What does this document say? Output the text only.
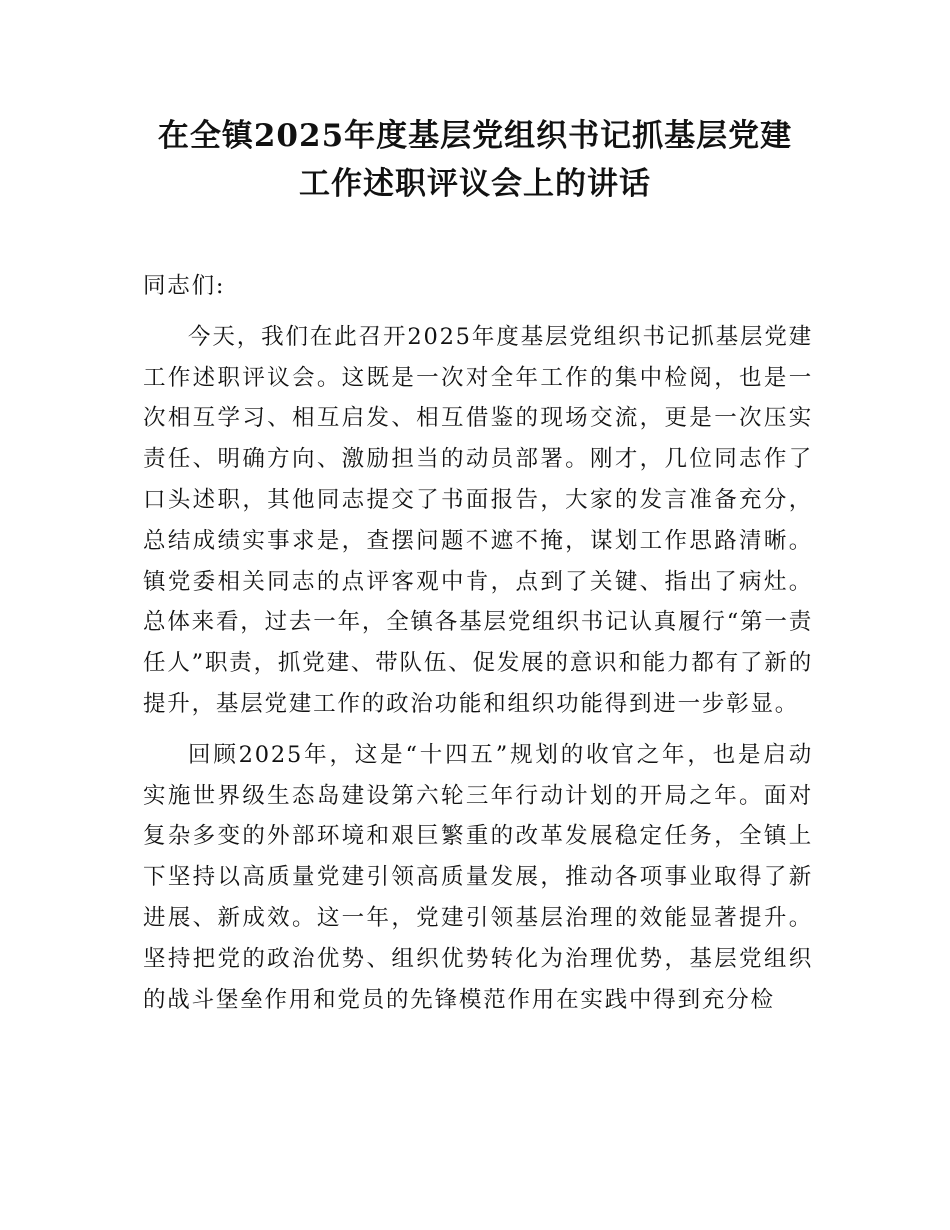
在全镇2025年度基层党组织书记抓基层党建
工作述职评议会上的讲话

同志们:

今天，我们在此召开2025年度基层党组织书记抓基层党建工作述职评议会。这既是一次对全年工作的集中检阅，也是一次相互学习、相互启发、相互借鉴的现场交流，更是一次压实责任、明确方向、激励担当的动员部署。刚才，几位同志作了口头述职，其他同志提交了书面报告，大家的发言准备充分，总结成绩实事求是，查摆问题不遮不掩，谋划工作思路清晰。镇党委相关同志的点评客观中肯，点到了关键、指出了病灶。总体来看，过去一年，全镇各基层党组织书记认真履行“第一责任人”职责，抓党建、带队伍、促发展的意识和能力都有了新的提升，基层党建工作的政治功能和组织功能得到进一步彰显。

回顾2025年，这是“十四五”规划的收官之年，也是启动实施世界级生态岛建设第六轮三年行动计划的开局之年。面对复杂多变的外部环境和艰巨繁重的改革发展稳定任务，全镇上下坚持以高质量党建引领高质量发展，推动各项事业取得了新进展、新成效。这一年，党建引领基层治理的效能显著提升。坚持把党的政治优势、组织优势转化为治理优势，基层党组织的战斗堡垒作用和党员的先锋模范作用在实践中得到充分检
